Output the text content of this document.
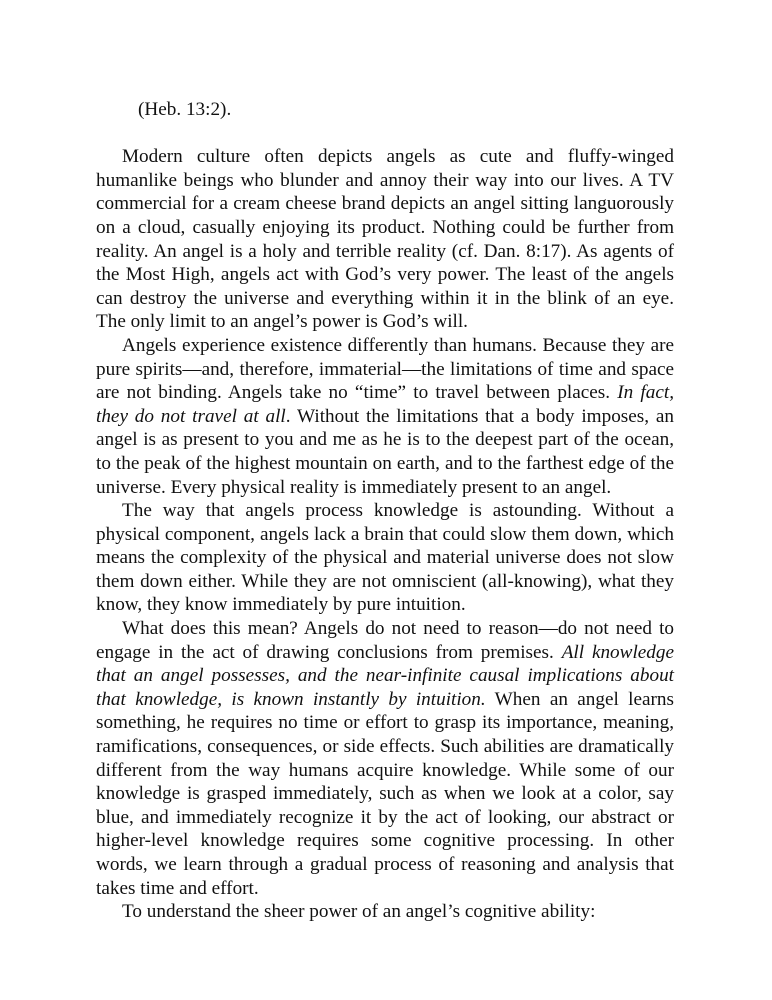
(Heb. 13:2).

Modern culture often depicts angels as cute and fluffy-winged humanlike beings who blunder and annoy their way into our lives. A TV commercial for a cream cheese brand depicts an angel sitting languorously on a cloud, casually enjoying its product. Nothing could be further from reality. An angel is a holy and terrible reality (cf. Dan. 8:17). As agents of the Most High, angels act with God’s very power. The least of the angels can destroy the universe and everything within it in the blink of an eye. The only limit to an angel’s power is God’s will.

Angels experience existence differently than humans. Because they are pure spirits—and, therefore, immaterial—the limitations of time and space are not binding. Angels take no “time” to travel between places. In fact, they do not travel at all. Without the limitations that a body imposes, an angel is as present to you and me as he is to the deepest part of the ocean, to the peak of the highest mountain on earth, and to the farthest edge of the universe. Every physical reality is immediately present to an angel.

The way that angels process knowledge is astounding. Without a physical component, angels lack a brain that could slow them down, which means the complexity of the physical and material universe does not slow them down either. While they are not omniscient (all-knowing), what they know, they know immediately by pure intuition.

What does this mean? Angels do not need to reason—do not need to engage in the act of drawing conclusions from premises. All knowledge that an angel possesses, and the near-infinite causal implications about that knowledge, is known instantly by intuition. When an angel learns something, he requires no time or effort to grasp its importance, meaning, ramifications, consequences, or side effects. Such abilities are dramatically different from the way humans acquire knowledge. While some of our knowledge is grasped immediately, such as when we look at a color, say blue, and immediately recognize it by the act of looking, our abstract or higher-level knowledge requires some cognitive processing. In other words, we learn through a gradual process of reasoning and analysis that takes time and effort.

To understand the sheer power of an angel’s cognitive ability:
